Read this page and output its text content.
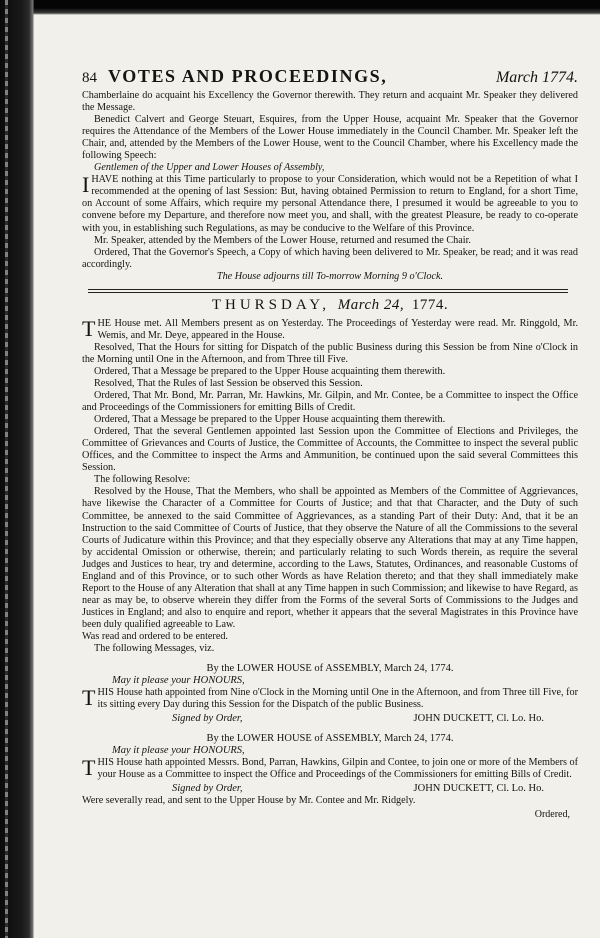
84 VOTES AND PROCEEDINGS,	March 1774.

Chamberlaine do acquaint his Excellency the Governor therewith. They return and acquaint Mr. Speaker they delivered the Message.

Benedict Calvert and George Steuart, Esquires, from the Upper House, acquaint Mr. Speaker that the Governor requires the Attendance of the Members of the Lower House immediately in the Council Chamber. Mr. Speaker left the Chair, and, attended by the Members of the Lower House, went to the Council Chamber, where his Excellency made the following Speech:

Gentlemen of the Upper and Lower Houses of Assembly,

I HAVE nothing at this Time particularly to propose to your Consideration, which would not be a Repetition of what I recommended at the opening of last Session: But, having obtained Permission to return to England, for a short Time, on Account of some Affairs, which require my personal Attendance there, I presumed it would be agreeable to you to convene before my Departure, and therefore now meet you, and shall, with the greatest Pleasure, be ready to co-operate with you, in establishing such Regulations, as may be conducive to the Welfare of this Province.

Mr. Speaker, attended by the Members of the Lower House, returned and resumed the Chair.

Ordered, That the Governor's Speech, a Copy of which having been delivered to Mr. Speaker, be read; and it was read accordingly.

The House adjourns till To-morrow Morning 9 o'Clock.

THURSDAY, March 24, 1774.
T HE House met. All Members present as on Yesterday. The Proceedings of Yesterday were read. Mr. Ringgold, Mr. Wemis, and Mr. Deye, appeared in the House.

Resolved, That the Hours for sitting for Dispatch of the public Business during this Session be from Nine o'Clock in the Morning until One in the Afternoon, and from Three till Five.

Ordered, That a Message be prepared to the Upper House acquainting them therewith.

Resolved, That the Rules of last Session be observed this Session.

Ordered, That Mr. Bond, Mr. Parran, Mr. Hawkins, Mr. Gilpin, and Mr. Contee, be a Committee to inspect the Office and Proceedings of the Commissioners for emitting Bills of Credit.

Ordered, That a Message be prepared to the Upper House acquainting them therewith.

Ordered, That the several Gentlemen appointed last Session upon the Committee of Elections and Privileges, the Committee of Grievances and Courts of Justice, the Committee of Accounts, the Committee to inspect the several public Offices, and the Committee to inspect the Arms and Ammunition, be continued upon the said several Committees this Session.

The following Resolve:

Resolved by the House, That the Members, who shall be appointed as Members of the Committee of Aggrievances, have likewise the Character of a Committee for Courts of Justice; and that that Character, and the Duty of such Committee, be annexed to the said Committee of Aggrievances, as a standing Part of their Duty: And, that it be an Instruction to the said Committee of Courts of Justice, that they observe the Nature of all the Commissions to the several Courts of Judicature within this Province; and that they especially observe any Alterations that may at any Time happen, by accidental Omission or otherwise, therein; and particularly relating to such Words therein, as require the several Judges and Justices to hear, try and determine, according to the Laws, Statutes, Ordinances, and reasonable Customs of England and of this Province, or to such other Words as have Relation thereto; and that they shall immediately make Report to the House of any Alteration that shall at any Time happen in such Commission; and likewise to have Regard, as near as may be, to observe wherein they differ from the Forms of the several Sorts of Commissions to the Judges and Justices in England; and also to enquire and report, whether it appears that the several Magistrates in this Province have been duly qualified agreeable to Law.

Was read and ordered to be entered.

The following Messages, viz.

By the LOWER HOUSE of ASSEMBLY, March 24, 1774.
May it please your HONOURS,
T HIS House hath appointed from Nine o'Clock in the Morning until One in the Afternoon, and from Three till Five, for its sitting every Day during this Session for the Dispatch of the public Business.

Signed by Order,	JOHN DUCKETT, Cl. Lo. Ho.
By the LOWER HOUSE of ASSEMBLY, March 24, 1774.
May it please your HONOURS,
T HIS House hath appointed Messrs. Bond, Parran, Hawkins, Gilpin and Contee, to join one or more of the Members of your House as a Committee to inspect the Office and Proceedings of the Commissioners for emitting Bills of Credit.

Signed by Order,	JOHN DUCKETT, Cl. Lo. Ho.

Were severally read, and sent to the Upper House by Mr. Contee and Mr. Ridgely.

Ordered,
